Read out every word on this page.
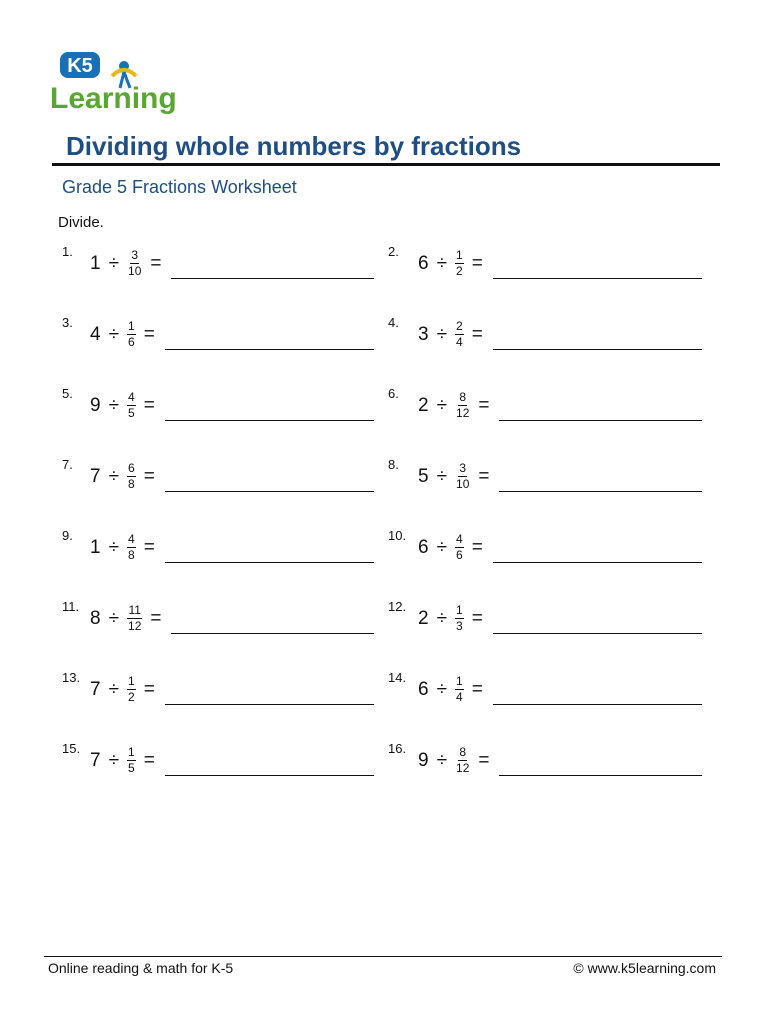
K5
Learning
Dividing whole numbers by fractions
Grade 5 Fractions Worksheet
Divide.
1.
$1 \div \frac{3}{10}$ =
2.
$6 \div \frac{1}{2}$ =
3.
$4 \div \frac{1}{6}$ =
4.
$3 \div \frac{2}{4}$ =
5.
$9 \div \frac{4}{5}$ =
6.
$2 \div \frac{8}{12}$ =
7.
$7 \div \frac{6}{8}$ =
8.
$5 \div \frac{3}{10}$ =
9.
$1 \div \frac{4}{8}$ =
10.
$6 \div \frac{4}{6}$ =
11.
$8 \div \frac{11}{12}$ =
12.
$2 \div \frac{1}{3}$ =
13.
$7 \div \frac{1}{2}$ =
14.
$6 \div \frac{1}{4}$ =
15.
$7 \div \frac{1}{5}$ =
16.
$9 \div \frac{8}{12}$ =
Online reading & math for K-5	© www.k5learning.com
